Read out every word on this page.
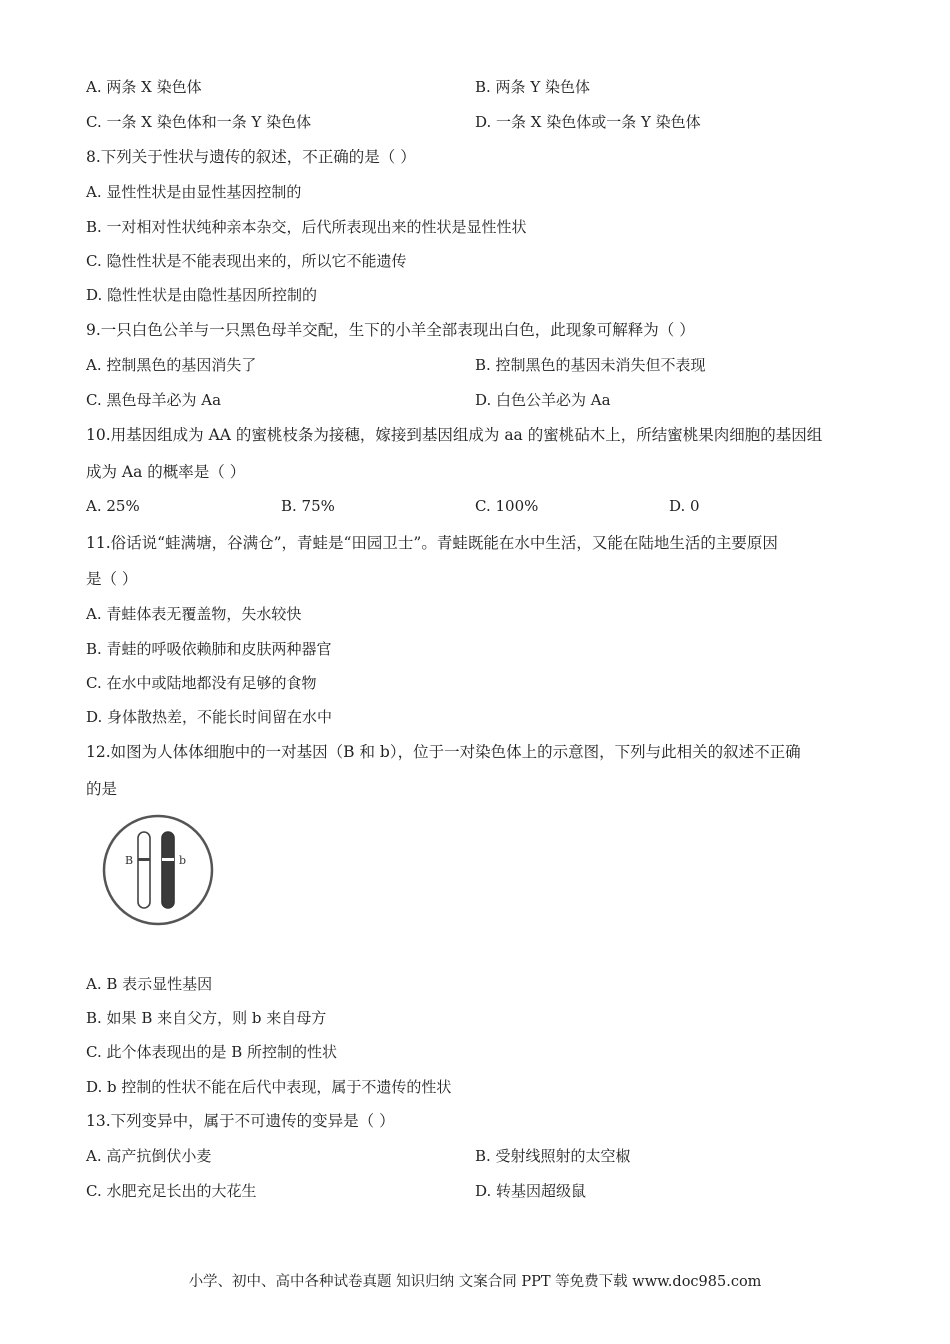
A. 两条 X 染色体	B. 两条 Y 染色体
C. 一条 X 染色体和一条 Y 染色体	D. 一条 X 染色体或一条 Y 染色体
8.下列关于性状与遗传的叙述，不正确的是（ ）
A. 显性性状是由显性基因控制的
B. 一对相对性状纯种亲本杂交，后代所表现出来的性状是显性性状
C. 隐性性状是不能表现出来的，所以它不能遗传
D. 隐性性状是由隐性基因所控制的
9.一只白色公羊与一只黑色母羊交配，生下的小羊全部表现出白色，此现象可解释为（ ）
A. 控制黑色的基因消失了	B. 控制黑色的基因未消失但不表现
C. 黑色母羊必为 Aa	D. 白色公羊必为 Aa
10.用基因组成为 AA 的蜜桃枝条为接穗，嫁接到基因组成为 aa 的蜜桃砧木上，所结蜜桃果肉细胞的基因组
成为 Aa 的概率是（ ）
A. 25%	B. 75%	C. 100%	D. 0
11.俗话说“蛙满塘，谷满仓”，青蛙是“田园卫士”。青蛙既能在水中生活，又能在陆地生活的主要原因
是（ ）
A. 青蛙体表无覆盖物，失水较快
B. 青蛙的呼吸依赖肺和皮肤两种器官
C. 在水中或陆地都没有足够的食物
D. 身体散热差，不能长时间留在水中
12.如图为人体体细胞中的一对基因（B 和 b），位于一对染色体上的示意图，下列与此相关的叙述不正确
的是
B	b
A. B 表示显性基因
B. 如果 B 来自父方，则 b 来自母方
C. 此个体表现出的是 B 所控制的性状
D. b 控制的性状不能在后代中表现，属于不遗传的性状
13.下列变异中，属于不可遗传的变异是（ ）
A. 高产抗倒伏小麦	B. 受射线照射的太空椒
C. 水肥充足长出的大花生	D. 转基因超级鼠
小学、初中、高中各种试卷真题 知识归纳 文案合同 PPT 等免费下载 www.doc985.com
